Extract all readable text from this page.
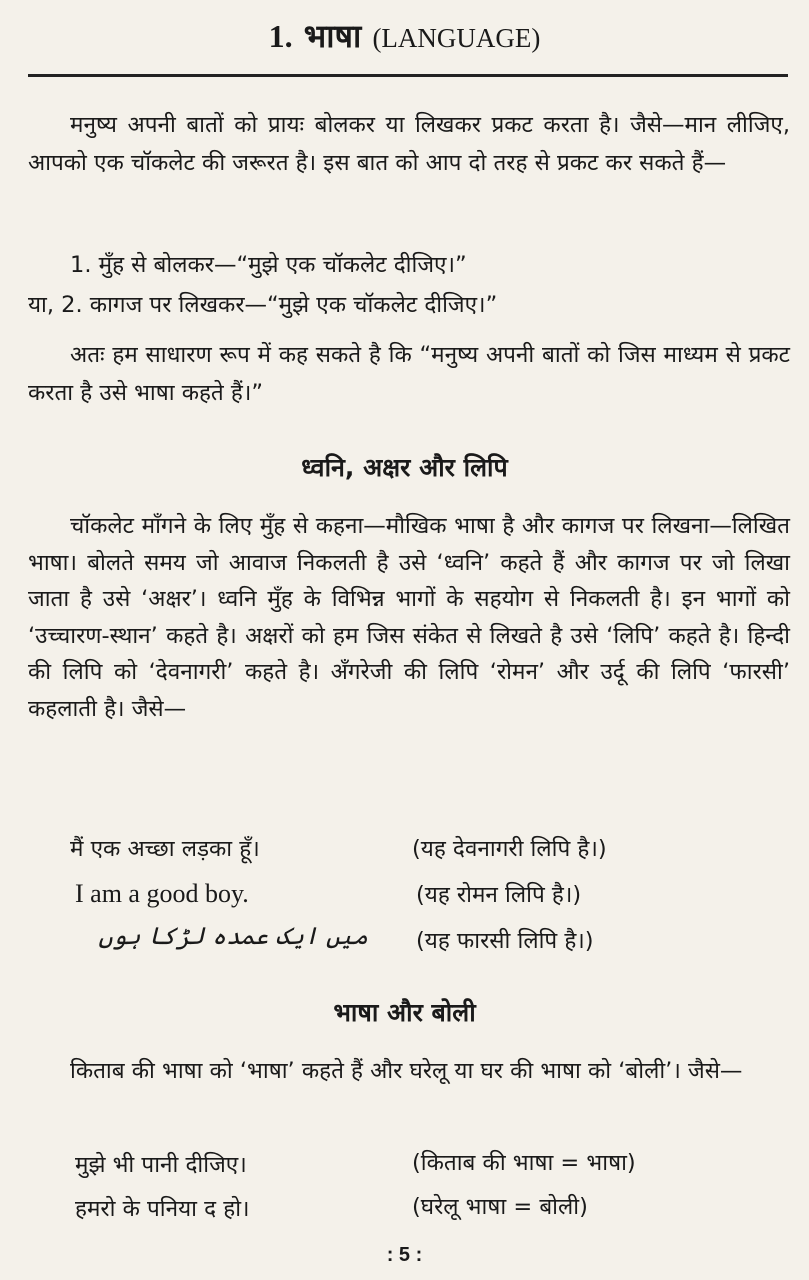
1. भाषा (LANGUAGE)
मनुष्य अपनी बातों को प्रायः बोलकर या लिखकर प्रकट करता है। जैसे—मान लीजिए, आपको एक चॉकलेट की जरूरत है। इस बात को आप दो तरह से प्रकट कर सकते हैं—
1. मुँह से बोलकर—“मुझे एक चॉकलेट दीजिए।”
या, 2. कागज पर लिखकर—“मुझे एक चॉकलेट दीजिए।”
अतः हम साधारण रूप में कह सकते है कि “मनुष्य अपनी बातों को जिस माध्यम से प्रकट करता है उसे भाषा कहते हैं।”
ध्वनि, अक्षर और लिपि
चॉकलेट माँगने के लिए मुँह से कहना—मौखिक भाषा है और कागज पर लिखना—लिखित भाषा। बोलते समय जो आवाज निकलती है उसे ‘ध्वनि’ कहते हैं और कागज पर जो लिखा जाता है उसे ‘अक्षर’। ध्वनि मुँह के विभिन्न भागों के सहयोग से निकलती है। इन भागों को ‘उच्चारण-स्थान’ कहते है। अक्षरों को हम जिस संकेत से लिखते है उसे ‘लिपि’ कहते है। हिन्दी की लिपि को ‘देवनागरी’ कहते है। अँगरेजी की लिपि ‘रोमन’ और उर्दू की लिपि ‘फारसी’ कहलाती है। जैसे—
मैं एक अच्छा लड़का हूँ।	(यह देवनागरी लिपि है।)
I am a good boy.	(यह रोमन लिपि है।)
میں ایک عمدہ لڑکا ہوں (यह फारसी लिपि है।)
भाषा और बोली
किताब की भाषा को ‘भाषा’ कहते हैं और घरेलू या घर की भाषा को ‘बोली’। जैसे—
मुझे भी पानी दीजिए।	(किताब की भाषा = भाषा)
हमरो के पनिया द हो।	(घरेलू भाषा = बोली)
: 5 :
